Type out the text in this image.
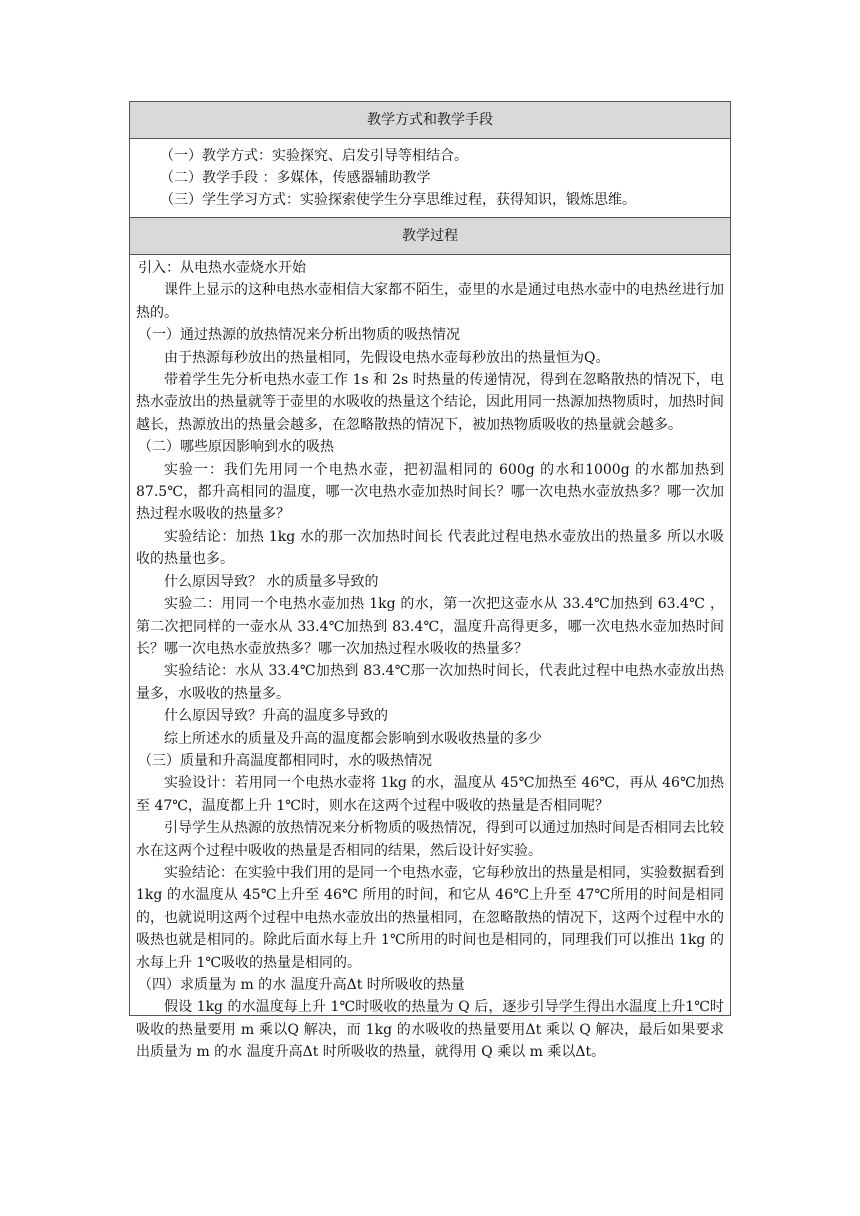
教学方式和教学手段
（一）教学方式：实验探究、启发引导等相结合。
（二）教学手段 ：多媒体，传感器辅助教学
（三）学生学习方式：实验探索使学生分享思维过程，获得知识，锻炼思维。
教学过程

引入：从电热水壶烧水开始

课件上显示的这种电热水壶相信大家都不陌生，壶里的水是通过电热水壶中的电热丝进行加热的。

（一）通过热源的放热情况来分析出物质的吸热情况

由于热源每秒放出的热量相同，先假设电热水壶每秒放出的热量恒为Q。

带着学生先分析电热水壶工作 1s 和 2s 时热量的传递情况，得到在忽略散热的情况下，电热水壶放出的热量就等于壶里的水吸收的热量这个结论，因此用同一热源加热物质时，加热时间越长，热源放出的热量会越多，在忽略散热的情况下，被加热物质吸收的热量就会越多。

（二）哪些原因影响到水的吸热

实验一：我们先用同一个电热水壶，把初温相同的 600g 的水和1000g 的水都加热到87.5℃，都升高相同的温度，哪一次电热水壶加热时间长？哪一次电热水壶放热多？哪一次加热过程水吸收的热量多？

实验结论：加热 1kg 水的那一次加热时间长 代表此过程电热水壶放出的热量多 所以水吸收的热量也多。

什么原因导致？ 水的质量多导致的

实验二：用同一个电热水壶加热 1kg 的水，第一次把这壶水从 33.4℃加热到 63.4℃ ，第二次把同样的一壶水从 33.4℃加热到 83.4℃，温度升高得更多，哪一次电热水壶加热时间长？哪一次电热水壶放热多？哪一次加热过程水吸收的热量多？

实验结论：水从 33.4℃加热到 83.4℃那一次加热时间长，代表此过程中电热水壶放出热量多，水吸收的热量多。

什么原因导致？升高的温度多导致的

综上所述水的质量及升高的温度都会影响到水吸收热量的多少

（三）质量和升高温度都相同时，水的吸热情况

实验设计：若用同一个电热水壶将 1kg 的水，温度从 45℃加热至 46℃，再从 46℃加热至 47℃，温度都上升 1℃时，则水在这两个过程中吸收的热量是否相同呢？

引导学生从热源的放热情况来分析物质的吸热情况，得到可以通过加热时间是否相同去比较水在这两个过程中吸收的热量是否相同的结果，然后设计好实验。

实验结论：在实验中我们用的是同一个电热水壶，它每秒放出的热量是相同，实验数据看到 1kg 的水温度从 45℃上升至 46℃ 所用的时间，和它从 46℃上升至 47℃所用的时间是相同的，也就说明这两个过程中电热水壶放出的热量相同，在忽略散热的情况下，这两个过程中水的吸热也就是相同的。除此后面水每上升 1℃所用的时间也是相同的，同理我们可以推出 1kg 的水每上升 1℃吸收的热量是相同的。

（四）求质量为 m 的水 温度升高Δt 时所吸收的热量

假设 1kg 的水温度每上升 1℃时吸收的热量为 Q 后，逐步引导学生得出水温度上升1℃时吸收的热量要用 m 乘以Q 解决，而 1kg 的水吸收的热量要用Δt 乘以 Q 解决，最后如果要求出质量为 m 的水 温度升高Δt 时所吸收的热量，就得用 Q 乘以 m 乘以Δt。
